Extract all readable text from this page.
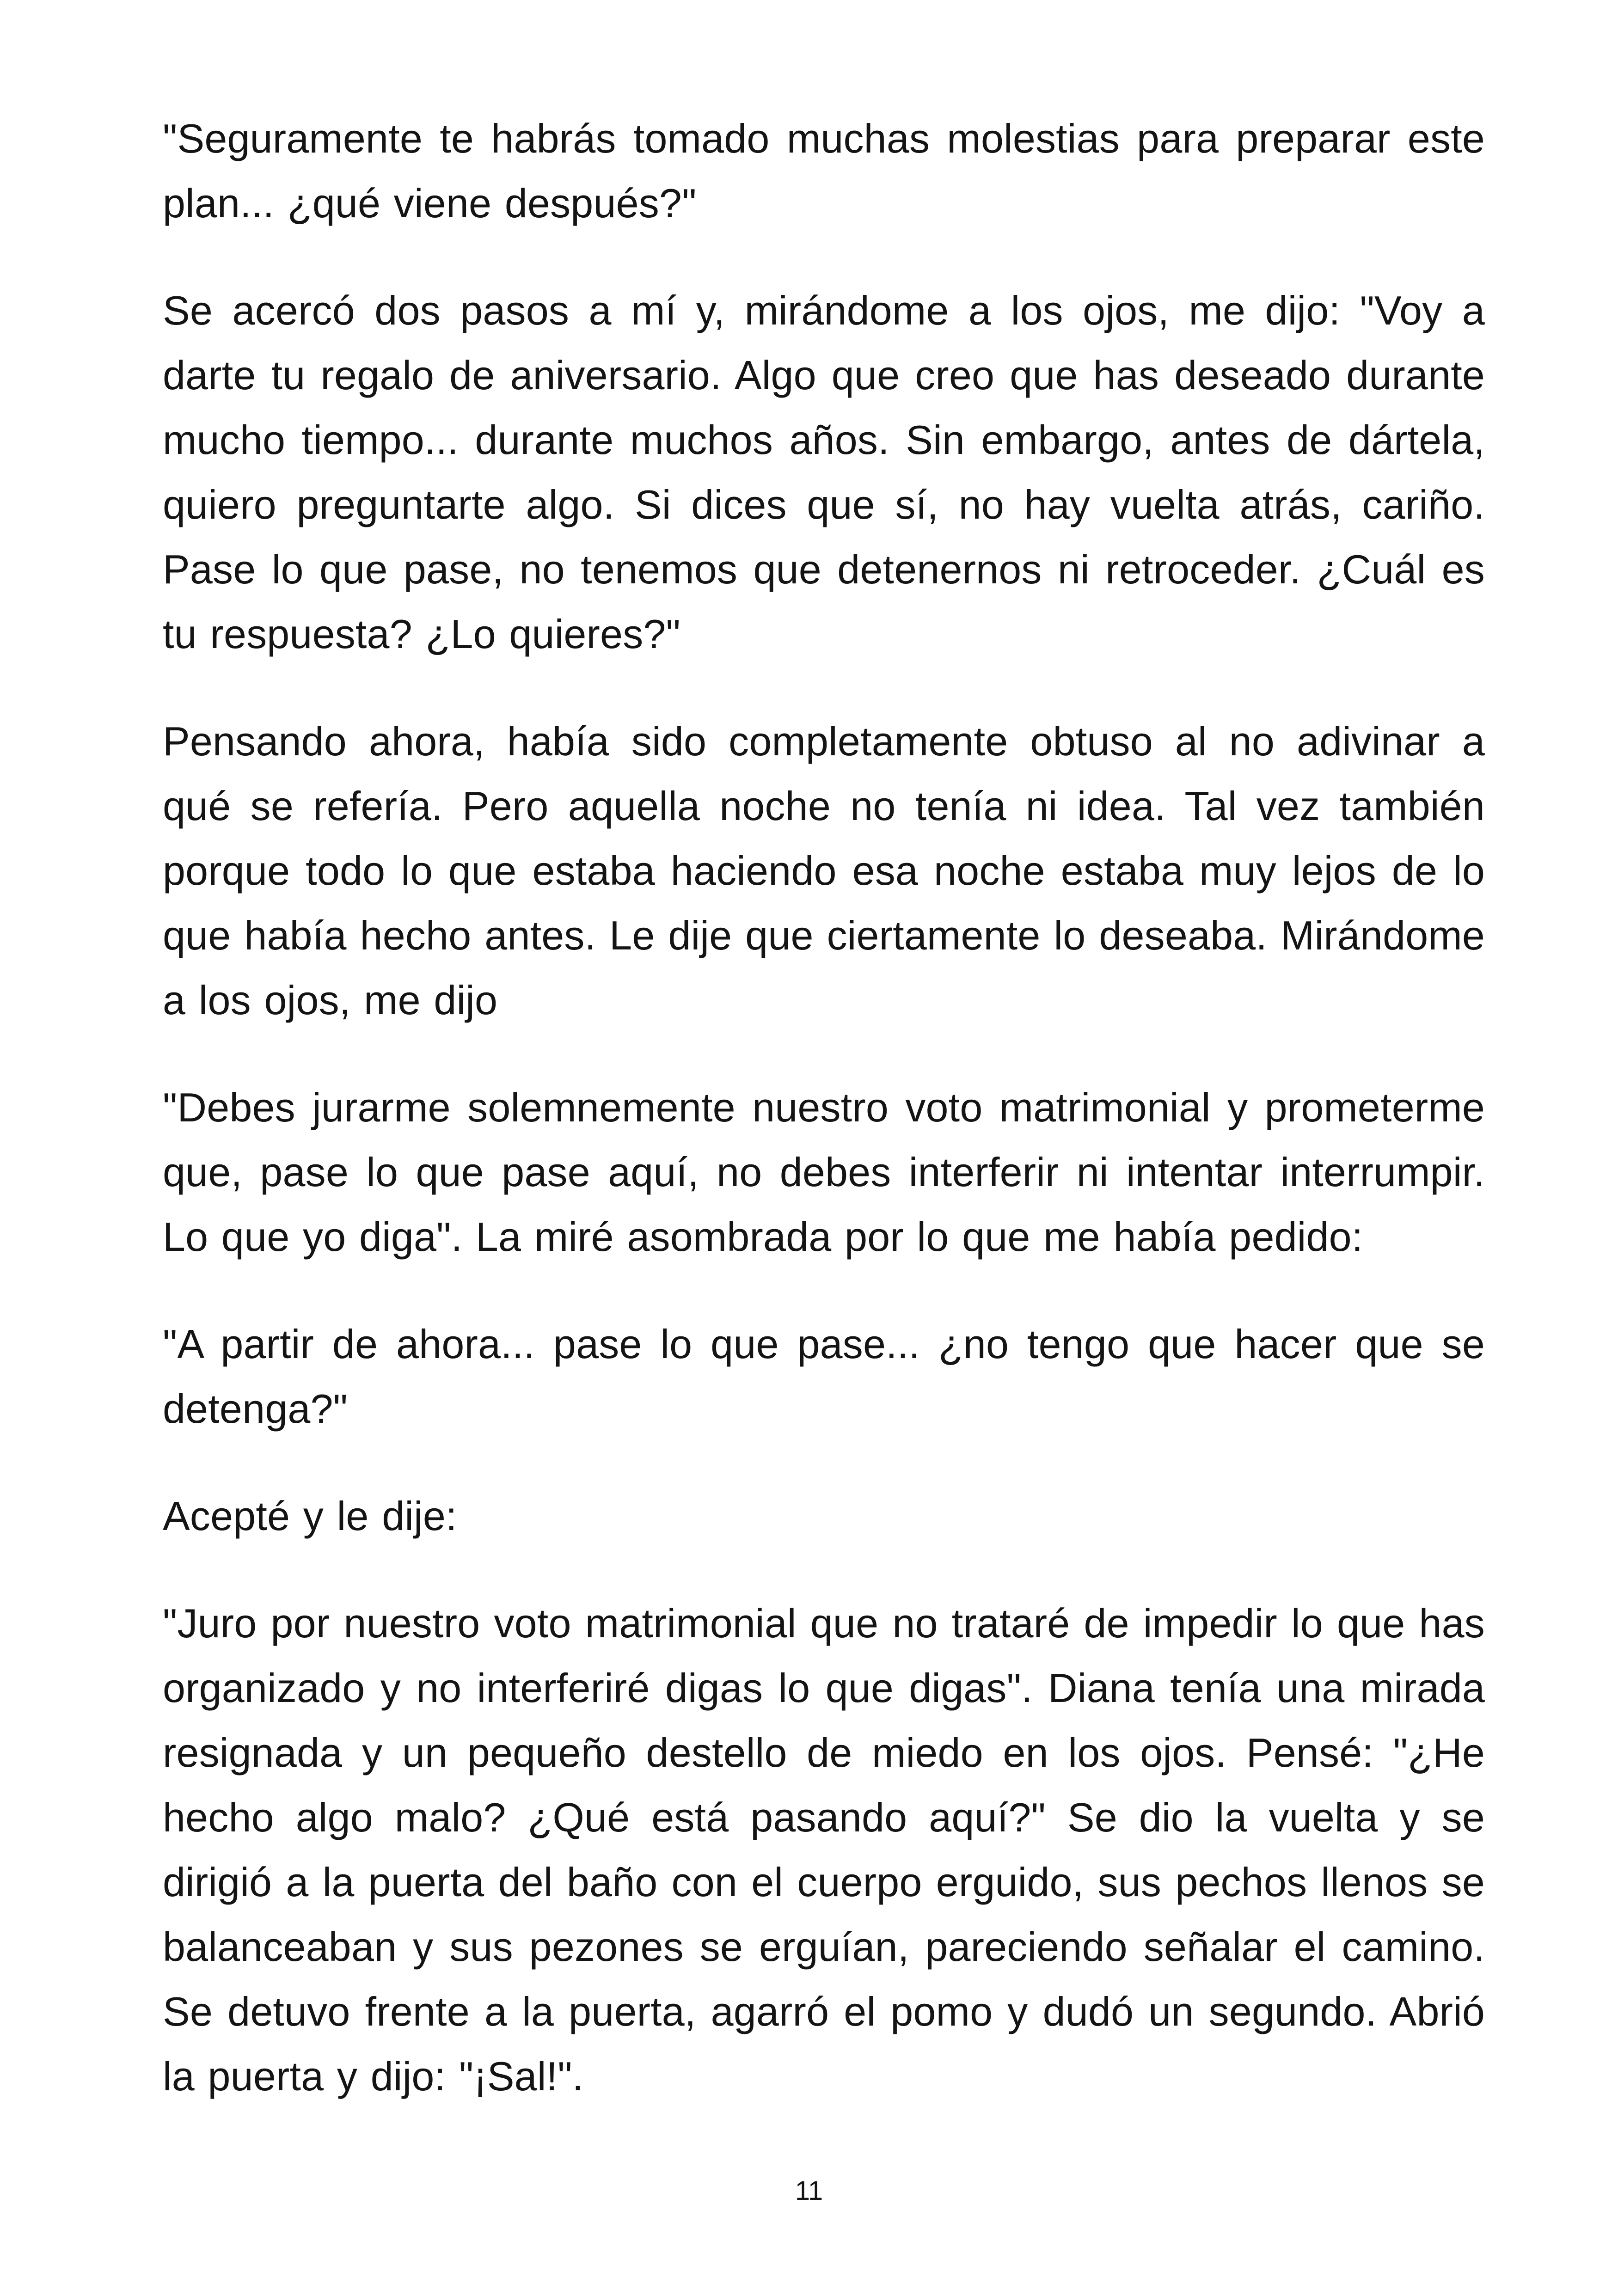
"Seguramente te habrás tomado muchas molestias para preparar este plan... ¿qué viene después?"

Se acercó dos pasos a mí y, mirándome a los ojos, me dijo: "Voy a darte tu regalo de aniversario. Algo que creo que has deseado durante mucho tiempo... durante muchos años. Sin embargo, antes de dártela, quiero preguntarte algo. Si dices que sí, no hay vuelta atrás, cariño. Pase lo que pase, no tenemos que detenernos ni retroceder. ¿Cuál es tu respuesta? ¿Lo quieres?"

Pensando ahora, había sido completamente obtuso al no adivinar a qué se refería. Pero aquella noche no tenía ni idea. Tal vez también porque todo lo que estaba haciendo esa noche estaba muy lejos de lo que había hecho antes. Le dije que ciertamente lo deseaba. Mirándome a los ojos, me dijo

"Debes jurarme solemnemente nuestro voto matrimonial y prometerme que, pase lo que pase aquí, no debes interferir ni intentar interrumpir. Lo que yo diga". La miré asombrada por lo que me había pedido:

"A partir de ahora... pase lo que pase... ¿no tengo que hacer que se detenga?"

Acepté y le dije:

"Juro por nuestro voto matrimonial que no trataré de impedir lo que has organizado y no interferiré digas lo que digas". Diana tenía una mirada resignada y un pequeño destello de miedo en los ojos. Pensé: "¿He hecho algo malo? ¿Qué está pasando aquí?" Se dio la vuelta y se dirigió a la puerta del baño con el cuerpo erguido, sus pechos llenos se balanceaban y sus pezones se erguían, pareciendo señalar el camino. Se detuvo frente a la puerta, agarró el pomo y dudó un segundo. Abrió la puerta y dijo: "¡Sal!".

11
